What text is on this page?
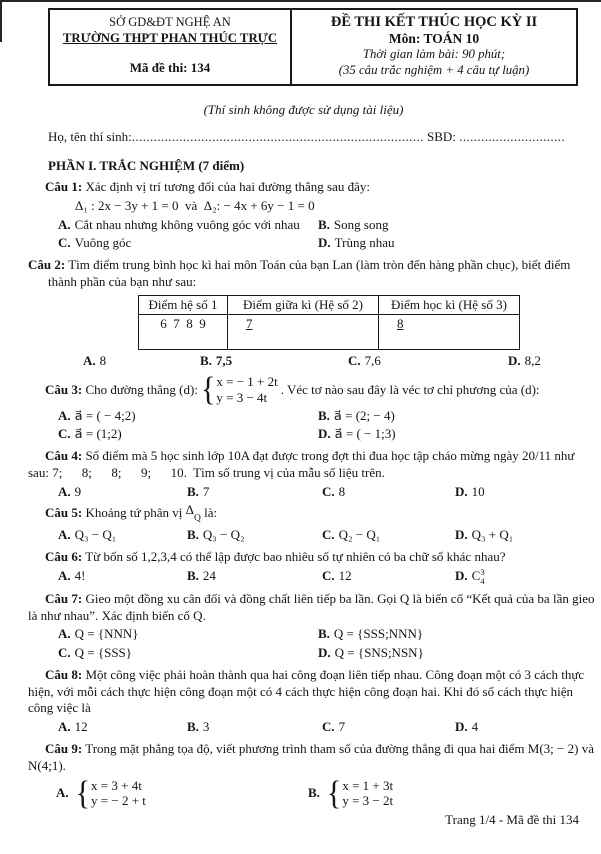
SỞ GD&ĐT NGHỆ AN
TRƯỜNG THPT PHAN THÚC TRỰC
Mã đề thi: 134
ĐỀ THI KẾT THÚC HỌC KỲ II
Môn: TOÁN 10
Thời gian làm bài: 90 phút;
(35 câu trắc nghiệm + 4 câu tự luận)
(Thí sinh không được sử dụng tài liệu)
Họ, tên thí sinh:................................................................................ SBD: .............................
PHẦN I. TRẮC NGHIỆM (7 điểm)

Câu 1: Xác định vị trí tương đối của hai đường thẳng sau đây:

Δ₁ : 2x − 3y + 1 = 0  và  Δ₂: − 4x + 6y − 1 = 0

A. Cắt nhau nhưng không vuông góc với nhau	B. Song song
C. Vuông góc	D. Trùng nhau

Câu 2: Tìm điểm trung bình học kì hai môn Toán của bạn Lan (làm tròn đến hàng phần chục), biết điểm

thành phần của bạn như sau:

Điểm hệ số 1	Điểm giữa kì (Hệ số 2)	Điểm học kì (Hệ số 3)
6  7  8  9	7	8
A. 8	B. 7,5	C. 7,6	D. 8,2
Câu 3: Cho đường thẳng (d): { x = − 1 + 2t
y = 3 − 4t
. Véc tơ nào sau đây là véc tơ chỉ phương của (d):
A. a⃗ = ( − 4;2)	B. a⃗ = (2; − 4)
C. a⃗ = (1;2)	D. a⃗ = ( − 1;3)

Câu 4: Số điểm mà 5 học sinh lớp 10A đạt được trong đợt thi đua học tập cháo mừng ngày 20/11 như

sau: 7;      8;      8;      9;      10.  Tìm số trung vị của mẫu số liệu trên.

A. 9	B. 7	C. 8	D. 10

Câu 5: Khoảng tứ phân vị $\Delta_Q$ là:

A. Q₃ − Q₁	B. Q₃ − Q₂	C. Q₂ − Q₁	D. Q₃ + Q₁

Câu 6: Từ bốn số 1,2,3,4 có thể lập được bao nhiêu số tự nhiên có ba chữ số khác nhau?

A. 4!	B. 24	C. 12	D. C 3
4

Câu 7: Gieo một đồng xu cân đối và đồng chất liên tiếp ba lần. Gọi Q là biến cố “Kết quả của ba lần gieo

là như nhau”. Xác định biến cố Q.

A. Q = {NNN}	B. Q = {SSS;NNN}
C. Q = {SSS}	D. Q = {SNS;NSN}

Câu 8: Một công việc phải hoàn thành qua hai công đoạn liên tiếp nhau. Công đoạn một có 3 cách thực

hiện, với mỗi cách thực hiện công đoạn một có 4 cách thực hiện công đoạn hai. Khi đó số cách thực hiện

công việc là

A. 12	B. 3	C. 7	D. 4

Câu 9: Trong mặt phẳng tọa độ, viết phương trình tham số của đường thẳng đi qua hai điểm M(3; − 2) và

N(4;1).

A. { x = 3 + 4t
y = − 2 + t
B. { x = 1 + 3t
y = 3 − 2t
Trang 1/4 - Mã đề thi 134
